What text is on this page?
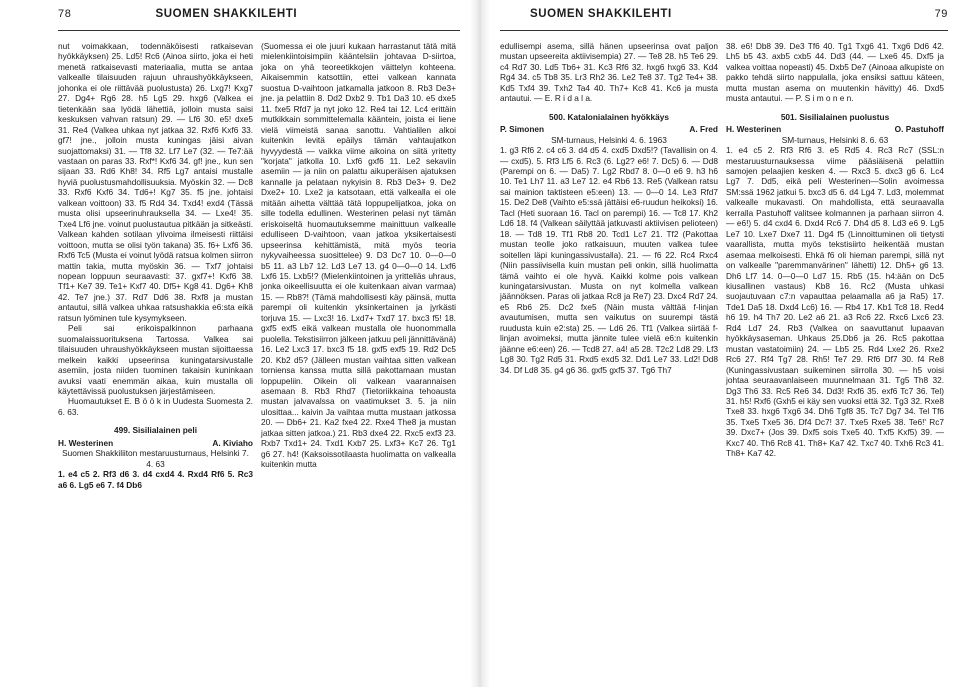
78	SUOMEN SHAKKILEHTI

nut voimakkaan, todennäköisesti ratkaisevan hyökkäyksen) 25. Ld5! Rc6 (Ainoa siirto, joka ei heti menetä ratkaisevasti materiaalia, mutta se antaa valkealle tilaisuuden rajuun uhraushyökkäykseen, johonka ei ole riittävää puolustusta) 26. Lxg7! Kxg7 27. Dg4+ Rg6 28. h5 Lg5 29. hxg6 (Valkea ei tietenkään saa lyödä lähettiä, jolloin musta saisi keskuksen vahvan ratsun) 29. — Lf6 30. e5! dxe5 31. Re4 (Valkea uhkaa nyt jatkaa 32. Rxf6 Kxf6 33. gf7! jne., jolloin musta kuningas jäisi aivan suojattomaksi) 31. — Tf8 32. Lf7 Le7 (32. — Te7:ää vastaan on paras 33. Rxf*! Kxf6 34. gf! jne., kun sen sijaan 33. Rd6 Kh8! 34. Rf5 Lg7 antaisi mustalle hyviä puolustusmahdollisuuksia. Myöskin 32. — Dc8 33. Rxf6 Kxf6 34. Td6+! Kg7 35. f5 jne. johtaisi valkean voittoon) 33. f5 Rd4 34. Txd4! exd4 (Tässä musta olisi upseerinuhrauksella 34. — Lxe4! 35. Txe4 Lf6 jne. voinut puolustautua pitkään ja sitkeästi. Valkean kahden sotilaan ylivoima ilmeisesti riittäisi voittoon, mutta se olisi työn takana) 35. f6+ Lxf6 36. Rxf6 Tc5 (Musta ei voinut lyödä ratsua kolmen siirron mattin takia, mutta myöskin 36. — Txf7 johtaisi nopean loppuun seuraavasti: 37. gxf7+! Kxf6 38. Tf1+ Ke7 39. Te1+ Kxf7 40. Df5+ Kg8 41. Dg6+ Kh8 42. Te7 jne.) 37. Rd7 Dd6 38. Rxf8 ja mustan antautui, sillä valkea uhkaa ratsushakkia e6:sta eikä ratsun lyöminen tule kysymykseen.

Peli sai erikoispalkinnon parhaana suomalaissuorituksena Tartossa. Valkea sai tilaisuuden uhraushyökkäykseen mustan sijoittaessa melkein kaikki upseerinsa kuningatarsivustalle asemiin, josta niiden tuominen takaisin kuninkaan avuksi vaati enemmän aikaa, kuin mustalla oli käytettävissä puolustuksen järjestämiseen.

Huomautukset E. B ö ö k in Uudesta Suomesta 2. 6. 63.

499. Sisilialainen peli
H. Westerinen	A. Kiviaho

Suomen Shakkiliiton mestaruusturnaus, Helsinki 7. 4. 63

1. e4 c5 2. Rf3 d6 3. d4 cxd4 4. Rxd4 Rf6 5. Rc3 a6 6. Lg5 e6 7. f4 Db6

(Suomessa ei ole juuri kukaan harrastanut tätä mitä mielenkiintoisimpiin kääntelsiin johtavaa D-siirtoa, joka on yhä teoreetikkojen väittelyn kohteena. Aikaisemmin katsottiin, ettei valkean kannata suostua D-vaihtoon jatkamalla jatkoon 8. Rb3 De3+ jne. ja pelattiin 8. Dd2 Dxb2 9. Tb1 Da3 10. e5 dxe5 11. fxe5 Rfd7 ja nyt joko 12. Re4 tai 12. Lc4 erittäin mutkikkain sommittelemalla kääntein, joista ei liene vielä viimeistä sanaa sanottu. Vahtialilen alkoi kuitenkin levitä epäilys tämän vahtaujatkon hyvyydestä — vaikka viime aikoina on siitä yritetty "korjata" jatkolla 10. Lxf6 gxf6 11. Le2 sekaviin asemiin — ja niin on palattu aikuperäisen ajatuksen kannalle ja pelataan nykyisin 8. Rb3 De3+ 9. De2 Dxe2+ 10. Lxe2 ja katsotaan, että valkealla ei ole mitään aihetta välttää tätä loppupelijatkoa, joka on sille todella edullinen. Westerinen pelasi nyt tämän eriskoiseltä huomautuksemme mainittuun valkealle edulliseen D-vaihtoon, vaan jatkoa yksikertaisesti upseerinsa kehittämistä, mitä myös teoria nykyvaiheessa suosittelee) 9. D3 Dc7 10. 0—0—0 b5 11. a3 Lb7 12. Ld3 Le7 13. g4 0—0—0 14. Lxf6 Lxf6 15. Lxb5!? (Mielenkiintoinen ja yritteliäs uhraus, jonka oikeellisuutta ei ole kuitenkaan aivan varmaa) 15. — Rb8?! (Tämä mahdollisesti käy päinsä, mutta parempi oli kuitenkin yksinkertainen ja jyrkästi torjuva 15. — Lxc3! 16. Lxd7+ Txd7 17. bxc3 f5! 18. gxf5 exf5 eikä valkean mustalla ole huonommalla puolella. Tekstisiirron jälkeen jatkuu peli jännittävänä) 16. Le2 Lxc3 17. bxc3 f5 18. gxf5 exf5 19. Rd2 Dc5 20. Kb2 d5? (Jälleen mustan vaihtaa sitten valkean torniensa kanssa mutta sillä pakottamaan mustan loppupeliin. Oikein oli valkean vaarannaisen asemaan 8. Rb3 Rhd7 (Tietoriikkaina tehoausta mustan jalvavalssa on vaatimukset 3. 5. ja niin ulosittaa... kaivin Ja vaihtaa mutta mustaan jatkossa 20. — Db6+ 21. Ka2 fxe4 22. Rxe4 The8 ja mustan jatkaa sitten jatkoa.) 21. Rb3 dxe4 22. Rxc5 exf3 23. Rxb7 Txd1+ 24. Txd1 Kxb7 25. Lxf3+ Kc7 26. Tg1 g6 27. h4! (Kaksoissotilaasta huolimatta on valkealla kuitenkin mutta

SUOMEN SHAKKILEHTI	79

edullisempi asema, sillä hänen upseerinsa ovat paljon mustan upseereita aktiivisempia) 27. — Te8 28. h5 Te6 29. c4 Rd7 30. Ld5 Tb6+ 31. Kc3 Rf6 32. hxg6 hxg6 33. Kd4 Rg4 34. c5 Tb8 35. Lr3 Rh2 36. Le2 Te8 37. Tg2 Te4+ 38. Kd5 Txf4 39. Txh2 Ta4 40. Th7+ Kc8 41. Kc6 ja musta antautui. — E. R i d a l a.

500. Katalonialainen hyökkäys
P. Simonen	A. Fred

SM-turnaus, Helsinki 4. 6. 1963

1. g3 Rf6 2. c4 c6 3. d4 d5 4. cxd5 Dxd5!? (Tavallisin on 4. — cxd5). 5. Rf3 Lf5 6. Rc3 (6. Lg2? e6! 7. Dc5) 6. — Dd8 (Parempi on 6. — Da5) 7. Lg2 Rbd7 8. 0—0 e6 9. h3 h6 10. Te1 Lh7 11. a3 Le7 12. e4 Rb6 13. Re5 (Valkean ratsu sai mainion taktisteen e5:een) 13. — 0—0 14. Le3 Rfd7 15. De2 De8 (Vaihto e5:ssä jättäisi e6-ruudun heikoksi) 16. Tacl (Heti suoraan 16. Tacl on parempi) 16. — Tc8 17. Kh2 Ld6 18. f4 (Valkean säilyttää jatkuvasti aktiivisen pelioteen) 18. — Td8 19. Tf1 Rb8 20. Tcd1 Lc7 21. Tf2 (Pakottaa mustan teolle joko ratkaisuun, muuten valkea tulee soitellen läpi kuningassivustalla). 21. — f6 22. Rc4 Rxc4 (Niin passiivisella kuin mustan peli onkin, sillä huolimatta tämä vaihto ei ole hyvä. Kaikki kolme pois valkean kuningatarsivustan. Musta on nyt kolmella valkean jäännöksen. Paras oli jatkaa Rc8 ja Re7) 23. Dxc4 Rd7 24. e5 Rb6 25. Dc2 fxe5 (Näin musta välttää f-linjan avautumisen, mutta sen vaikutus on suurempi tästä ruudusta kuin e2:sta) 25. — Ld6 26. Tf1 (Valkea siirtää f-linjan avoimeksi, mutta jännite tulee vielä e6:n kuitenkin jäänne e6:een) 26. — Tcd8 27. a4! a5 28. T2c2 Ld8 29. Lf3 Lg8 30. Tg2 Rd5 31. Rxd5 exd5 32. Dd1 Le7 33. Ld2! Dd8 34. Df Ld8 35. g4 g6 36. gxf5 gxf5 37. Tg6 Th7

38. e6! Db8 39. De3 Tf6 40. Tg1 Txg6 41. Txg6 Dd6 42. Lh5 b5 43. axb5 cxb5 44. Dd3 (44. — Lxe6 45. Dxf5 ja valkea voittaa nopeasti) 45. Dxb5 De7 (Ainoaa alkupiste on pakko tehdä siirto nappulalla, joka ensiksi sattuu käteen, mutta mustan asema on muutenkin hävitty) 46. Dxd5 musta antautui. — P. S i m o n e n.

501. Sisilialainen puolustus
H. Westerinen	O. Pastuhoff

SM-turnaus, Helsinki 8. 6. 63

1. e4 c5 2. Rf3 Rf6 3. e5 Rd5 4. Rc3 Rc7 (SSL:n mestaruusturnauksessa viime pääsiäisenä pelattiin samojen pelaajien kesken 4. — Rxc3 5. dxc3 g6 6. Lc4 Lg7 7. Dd5, eikä peli Westerinen—Solin avoimessa SM:ssä 1962 jatkui 5. bxc3 d5 6. d4 Lg4 7. Ld3, molemmat valkealle mukavasti. On mahdollista, että seuraavalla kerralla Pastuhoff valitsee kolmannen ja parhaan siirron 4. — e6!) 5. d4 cxd4 6. Dxd4 Rc6 7. Dh4 d5 8. Ld3 e6 9. Lg5 Le7 10. Lxe7 Dxe7 11. Dg4 f5 (Linnoittuminen oli tietysti vaarallista, mutta myös tekstisiirto heikentää mustan asemaa melkoisesti. Ehkä f6 oli hieman parempi, sillä nyt on valkealle "paremmanvärinen" lähetti) 12. Dh5+ g6 13. Dh6 Lf7 14. 0—0—0 Ld7 15. Rb5 (15. h4:ään on Dc5 kiusallinen vastaus) Kb8 16. Rc2 (Musta uhkasi suojautuvaan c7:n vapauttaa pelaamalla a6 ja Ra5) 17. Tde1 Da5 18. Dxd4 Lc6) 16. — Rb4 17. Kb1 Tc8 18. Red4 h6 19. h4 Th7 20. Le2 a6 21. a3 Rc6 22. Rxc6 Lxc6 23. Rd4 Ld7 24. Rb3 (Valkea on saavuttanut lupaavan hyökkäysaseman. Uhkaus 25.Db6 ja 26. Rc5 pakottaa mustan vastatoimiin) 24. — Lb5 25. Rd4 Lxe2 26. Rxe2 Rc6 27. Rf4 Tg7 28. Rh5! Te7 29. Rf6 Df7 30. f4 Re8 (Kuningassivustaan suikeminen siirrolla 30. — h5 voisi johtaa seuraavanlaiseen muunnelmaan 31. Tg5 Th8 32. Dg3 Th6 33. Rc5 Re6 34. Dd3! Rxf6 35. exf6 Tc7 36. Tel) 31. h5! Rxf6 (Gxh5 ei käy sen vuoksi että 32. Tg3 32. Rxe8 Txe8 33. hxg6 Txg6 34. Dh6 Tgf8 35. Tc7 Dg7 34. Tel Tf6 35. Txe5 Txe5 36. Df4 Dc7! 37. Txe5 Rxe5 38. Te6!' Rc7 39. Dxc7+ (Jos 39. Dxf5 sois Txe5 40. Txf5 Kxf5) 39. — Kxc7 40. Th6 Rc8 41. Th8+ Ka7 42. Txc7 40. Txh6 Rc3 41. Th8+ Ka7 42.
